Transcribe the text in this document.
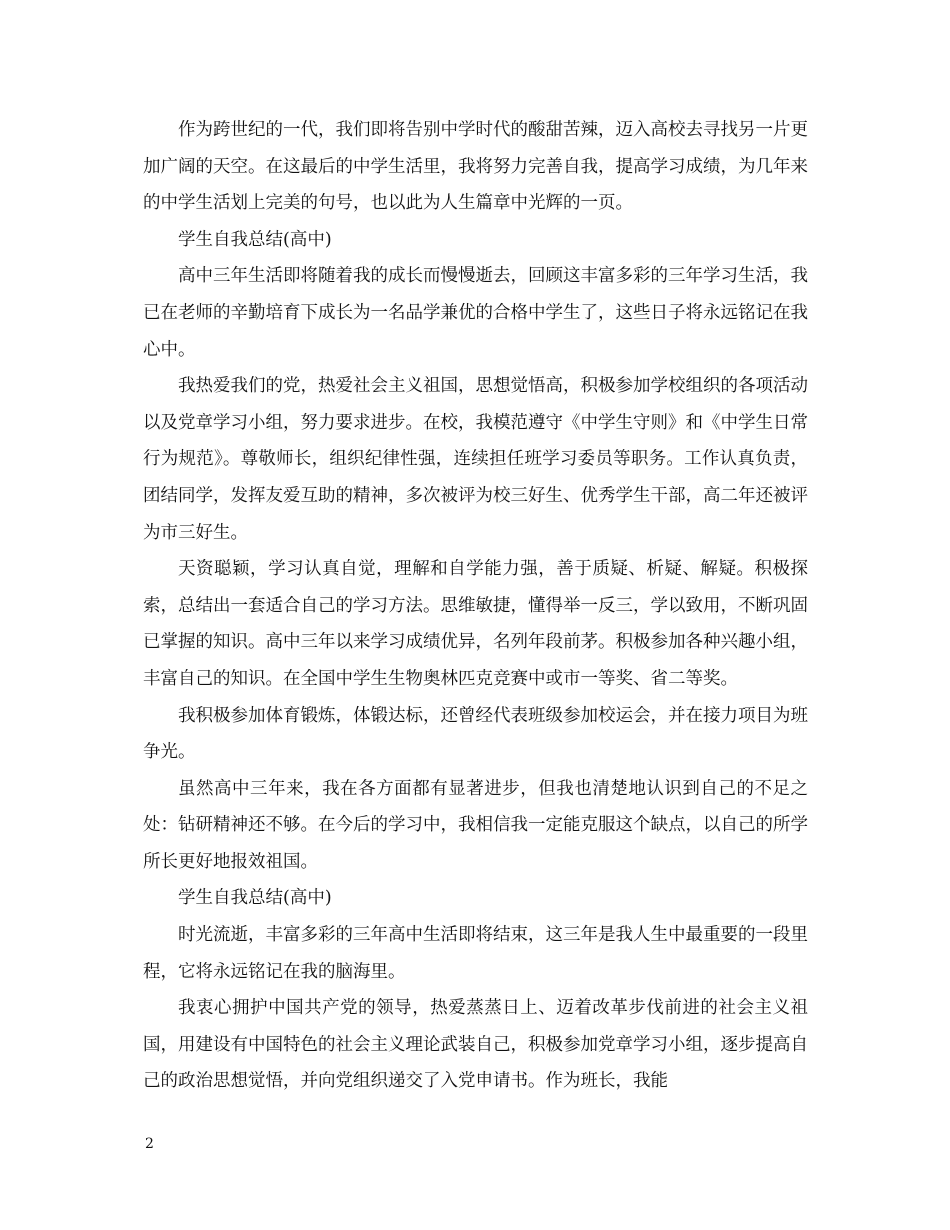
作为跨世纪的一代，我们即将告别中学时代的酸甜苦辣，迈入高校去寻找另一片更加广阔的天空。在这最后的中学生活里，我将努力完善自我，提高学习成绩，为几年来的中学生活划上完美的句号，也以此为人生篇章中光辉的一页。

学生自我总结(高中)

高中三年生活即将随着我的成长而慢慢逝去，回顾这丰富多彩的三年学习生活，我已在老师的辛勤培育下成长为一名品学兼优的合格中学生了，这些日子将永远铭记在我心中。

我热爱我们的党，热爱社会主义祖国，思想觉悟高，积极参加学校组织的各项活动以及党章学习小组，努力要求进步。在校，我模范遵守《中学生守则》和《中学生日常行为规范》。尊敬师长，组织纪律性强，连续担任班学习委员等职务。工作认真负责，团结同学，发挥友爱互助的精神，多次被评为校三好生、优秀学生干部，高二年还被评为市三好生。

天资聪颖，学习认真自觉，理解和自学能力强，善于质疑、析疑、解疑。积极探索，总结出一套适合自己的学习方法。思维敏捷，懂得举一反三，学以致用，不断巩固已掌握的知识。高中三年以来学习成绩优异，名列年段前茅。积极参加各种兴趣小组，丰富自己的知识。在全国中学生生物奥林匹克竞赛中或市一等奖、省二等奖。

我积极参加体育锻炼，体锻达标，还曾经代表班级参加校运会，并在接力项目为班争光。

虽然高中三年来，我在各方面都有显著进步，但我也清楚地认识到自己的不足之处：钻研精神还不够。在今后的学习中，我相信我一定能克服这个缺点，以自己的所学所长更好地报效祖国。

学生自我总结(高中)

时光流逝，丰富多彩的三年高中生活即将结束，这三年是我人生中最重要的一段里程，它将永远铭记在我的脑海里。

我衷心拥护中国共产党的领导，热爱蒸蒸日上、迈着改革步伐前进的社会主义祖国，用建设有中国特色的社会主义理论武装自己，积极参加党章学习小组，逐步提高自己的政治思想觉悟，并向党组织递交了入党申请书。作为班长，我能

2
